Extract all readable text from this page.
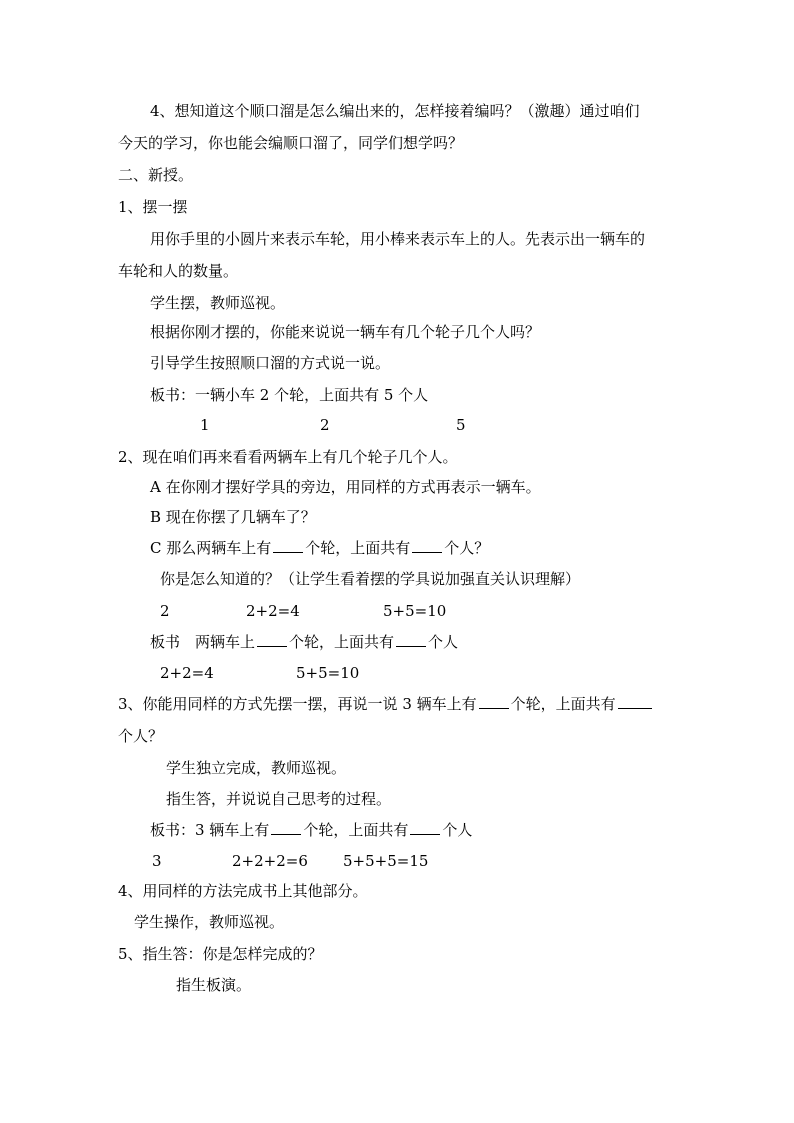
4、想知道这个顺口溜是怎么编出来的，怎样接着编吗？（激趣）通过咱们
今天的学习，你也能会编顺口溜了，同学们想学吗？
二、新授。
1、摆一摆
用你手里的小圆片来表示车轮，用小棒来表示车上的人。先表示出一辆车的
车轮和人的数量。
学生摆，教师巡视。
根据你刚才摆的，你能来说说一辆车有几个轮子几个人吗？
引导学生按照顺口溜的方式说一说。
板书：一辆小车 2 个轮，上面共有 5 个人
1	2	5
2、现在咱们再来看看两辆车上有几个轮子几个人。
A 在你刚才摆好学具的旁边，用同样的方式再表示一辆车。
B 现在你摆了几辆车了？
C 那么两辆车上有 个轮，上面共有 个人？
你是怎么知道的？（让学生看着摆的学具说加强直关认识理解）
2	2+2=4	5+5=10
板书　两辆车上 个轮，上面共有 个人
2+2=4	5+5=10
3、你能用同样的方式先摆一摆，再说一说 3 辆车上有 个轮，上面共有
个人？
学生独立完成，教师巡视。
指生答，并说说自己思考的过程。
板书：3 辆车上有 个轮，上面共有 个人
3	2+2+2=6 5+5+5=15
4、用同样的方法完成书上其他部分。
学生操作，教师巡视。
5、指生答：你是怎样完成的？
指生板演。
